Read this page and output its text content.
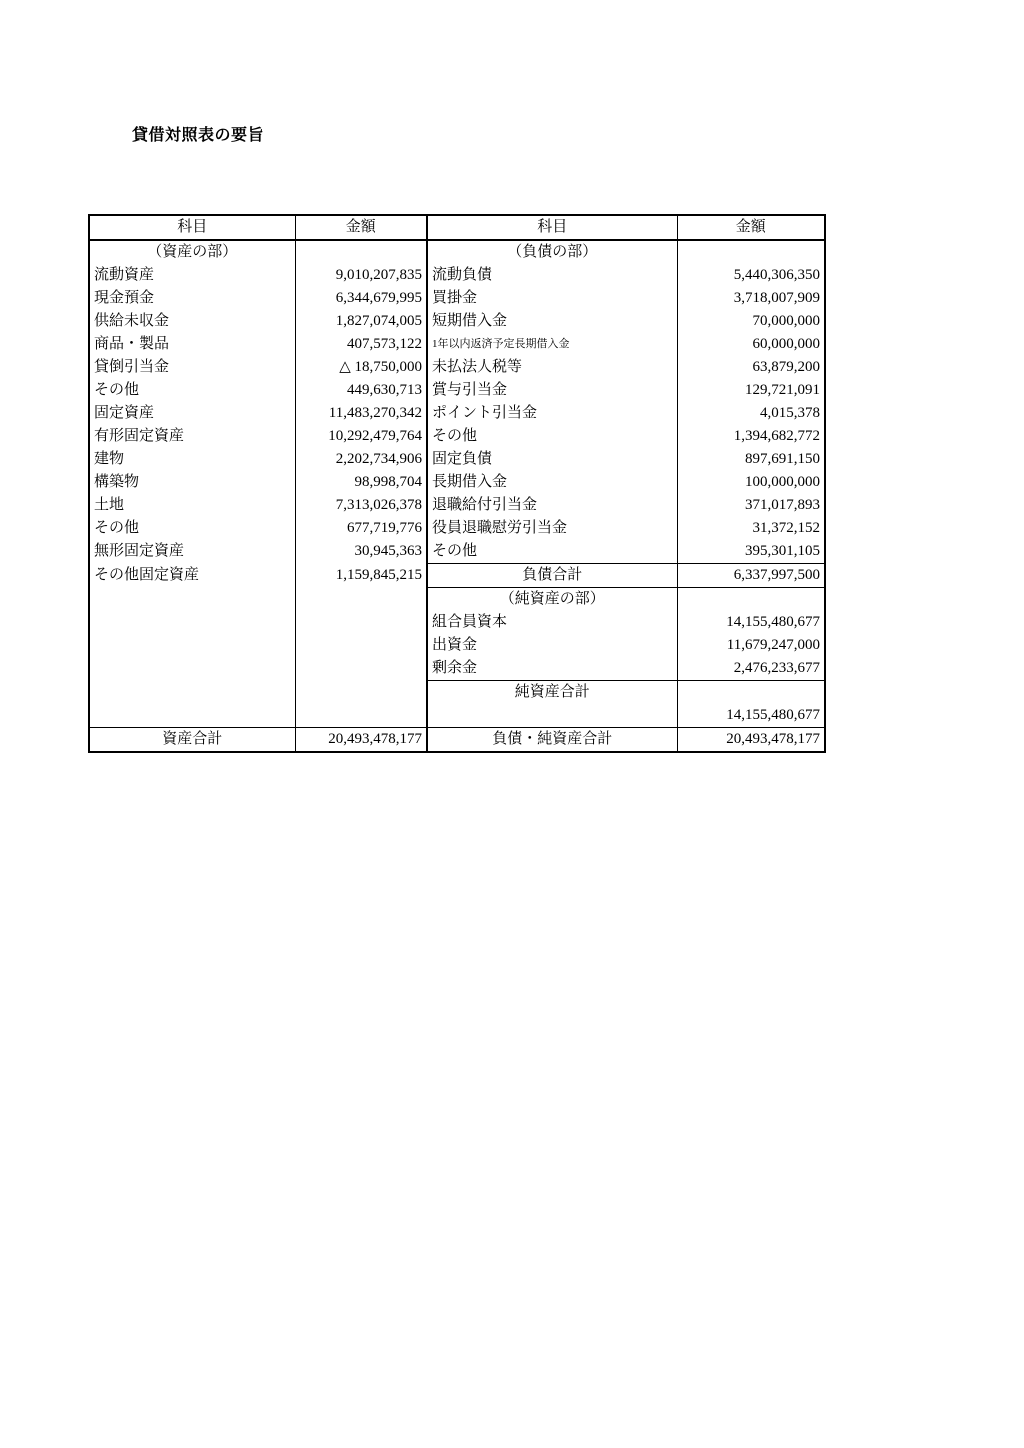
貸借対照表の要旨
科目	金額	科目	金額
（資産の部）		（負債の部）	
流動資産	9,010,207,835	流動負債	5,440,306,350
現金預金	6,344,679,995	買掛金	3,718,007,909
供給未収金	1,827,074,005	短期借入金	70,000,000
商品・製品	407,573,122	1年以内返済予定長期借入金	60,000,000
貸倒引当金	△ 18,750,000	未払法人税等	63,879,200
その他	449,630,713	賞与引当金	129,721,091
固定資産	11,483,270,342	ポイント引当金	4,015,378
有形固定資産	10,292,479,764	その他	1,394,682,772
建物	2,202,734,906	固定負債	897,691,150
構築物	98,998,704	長期借入金	100,000,000
土地	7,313,026,378	退職給付引当金	371,017,893
その他	677,719,776	役員退職慰労引当金	31,372,152
無形固定資産	30,945,363	その他	395,301,105
その他固定資産	1,159,845,215	負債合計	6,337,997,500
		（純資産の部）	
		組合員資本	14,155,480,677
		出資金	11,679,247,000
		剰余金	2,476,233,677
		純資産合計	
			14,155,480,677
資産合計	20,493,478,177	負債・純資産合計	20,493,478,177
